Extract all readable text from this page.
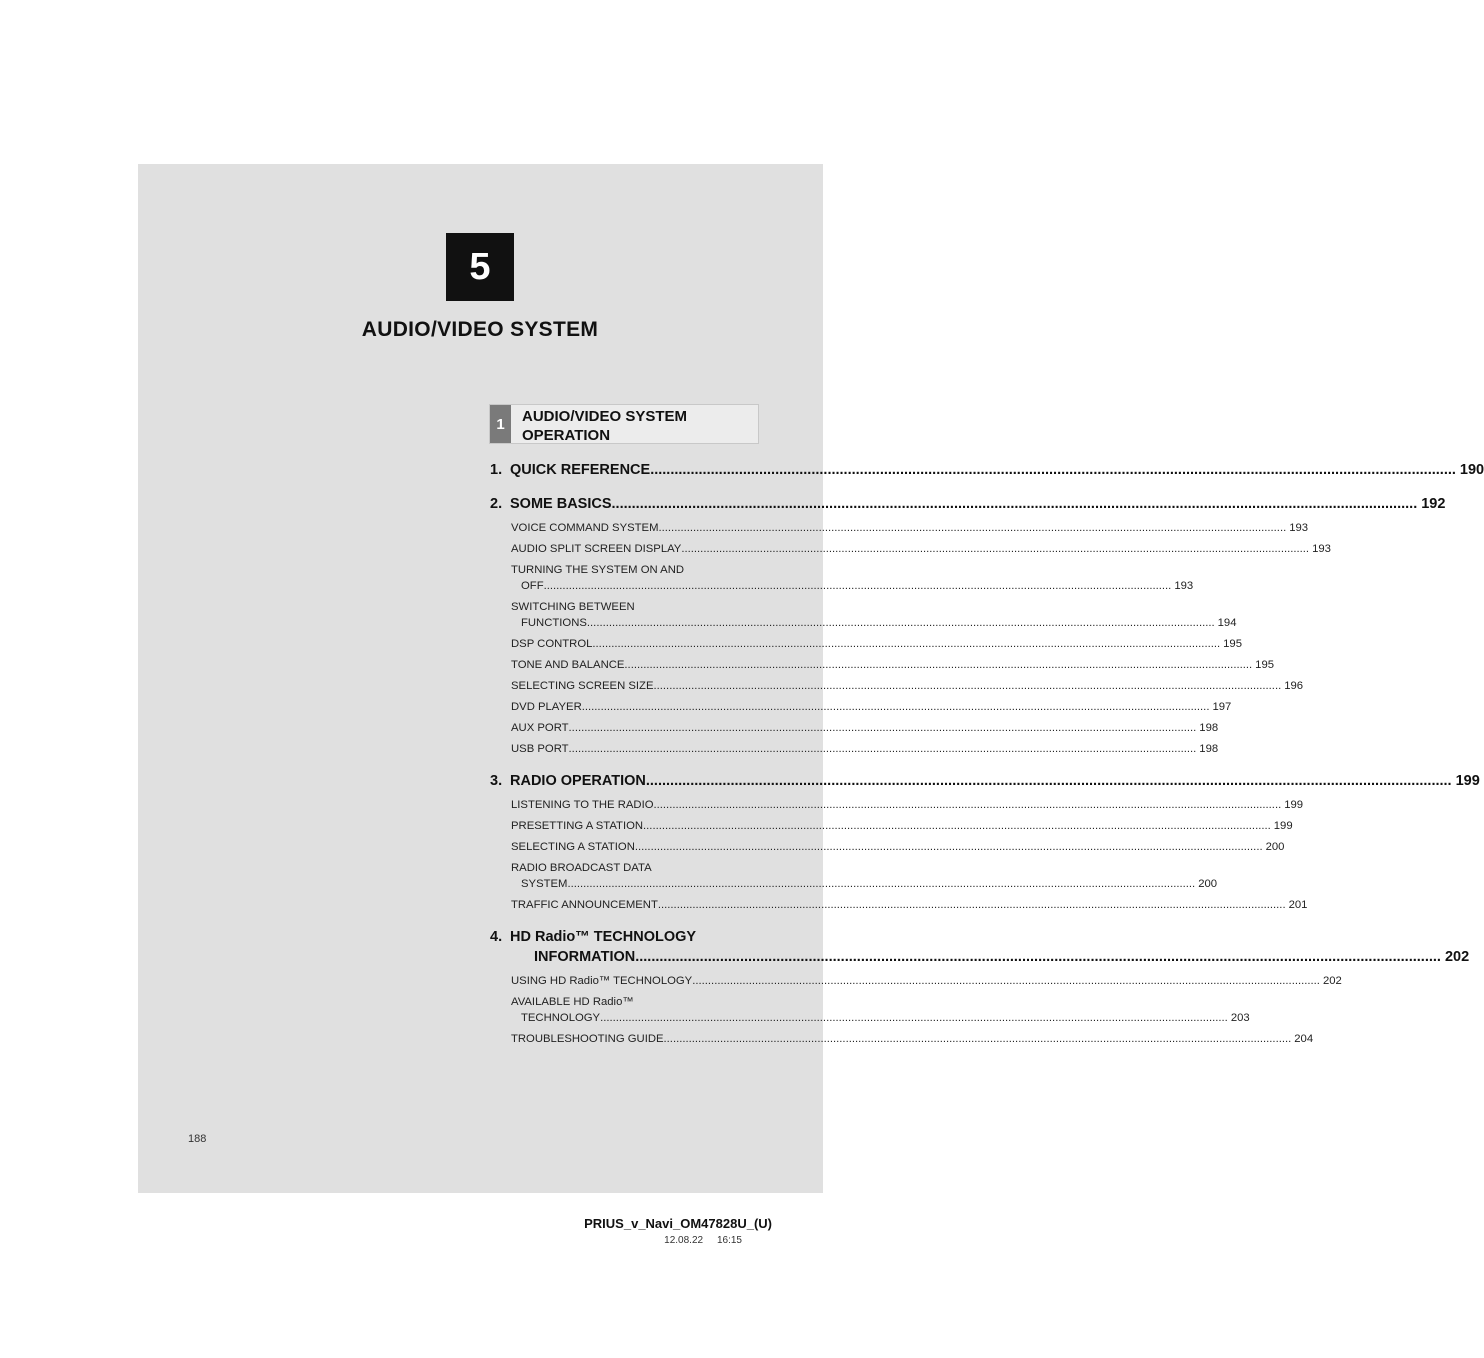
5
AUDIO/VIDEO SYSTEM
1	AUDIO/VIDEO SYSTEM OPERATION
1. QUICK REFERENCE ........................................................................................................................................................................................................ 190
2. SOME BASICS ........................................................................................................................................................................................................ 192
VOICE COMMAND SYSTEM ........................................................................................................................................................................................................ 193
AUDIO SPLIT SCREEN DISPLAY ........................................................................................................................................................................................................ 193
TURNING THE SYSTEM ON AND
OFF ........................................................................................................................................................................................................ 193
SWITCHING BETWEEN
FUNCTIONS ........................................................................................................................................................................................................ 194
DSP CONTROL ........................................................................................................................................................................................................ 195
TONE AND BALANCE ........................................................................................................................................................................................................ 195
SELECTING SCREEN SIZE ........................................................................................................................................................................................................ 196
DVD PLAYER ........................................................................................................................................................................................................ 197
AUX PORT ........................................................................................................................................................................................................ 198
USB PORT ........................................................................................................................................................................................................ 198
3. RADIO OPERATION ........................................................................................................................................................................................................ 199
LISTENING TO THE RADIO ........................................................................................................................................................................................................ 199
PRESETTING A STATION ........................................................................................................................................................................................................ 199
SELECTING A STATION ........................................................................................................................................................................................................ 200
RADIO BROADCAST DATA
SYSTEM ........................................................................................................................................................................................................ 200
TRAFFIC ANNOUNCEMENT ........................................................................................................................................................................................................ 201
4. HD Radio™ TECHNOLOGY
INFORMATION ........................................................................................................................................................................................................ 202
USING HD Radio™ TECHNOLOGY ........................................................................................................................................................................................................ 202
AVAILABLE HD Radio™
TECHNOLOGY ........................................................................................................................................................................................................ 203
TROUBLESHOOTING GUIDE ........................................................................................................................................................................................................ 204
188
PRIUS_v_Navi_OM47828U_(U)
12.08.22     16:15
